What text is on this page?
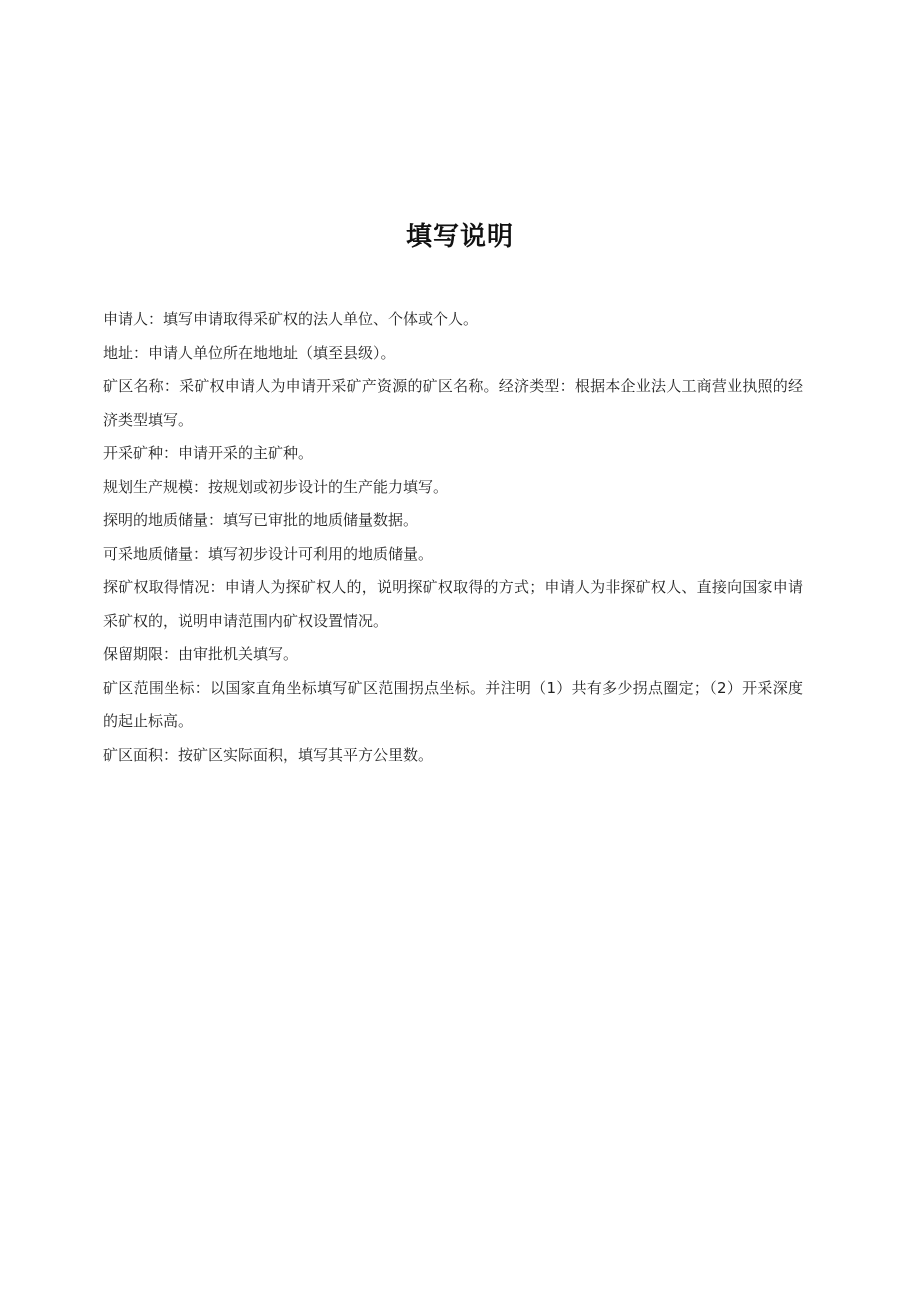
填写说明

申请人：填写申请取得采矿权的法人单位、个体或个人。

地址：申请人单位所在地地址（填至县级）。

矿区名称：采矿权申请人为申请开采矿产资源的矿区名称。经济类型：根据本企业法人工商营业执照的经济类型填写。

开采矿种：申请开采的主矿种。

规划生产规模：按规划或初步设计的生产能力填写。

探明的地质储量：填写已审批的地质储量数据。

可采地质储量：填写初步设计可利用的地质储量。

探矿权取得情况：申请人为探矿权人的，说明探矿权取得的方式；申请人为非探矿权人、直接向国家申请采矿权的，说明申请范围内矿权设置情况。

保留期限：由审批机关填写。

矿区范围坐标：以国家直角坐标填写矿区范围拐点坐标。并注明（1）共有多少拐点圈定；（2）开采深度的起止标高。

矿区面积：按矿区实际面积，填写其平方公里数。
